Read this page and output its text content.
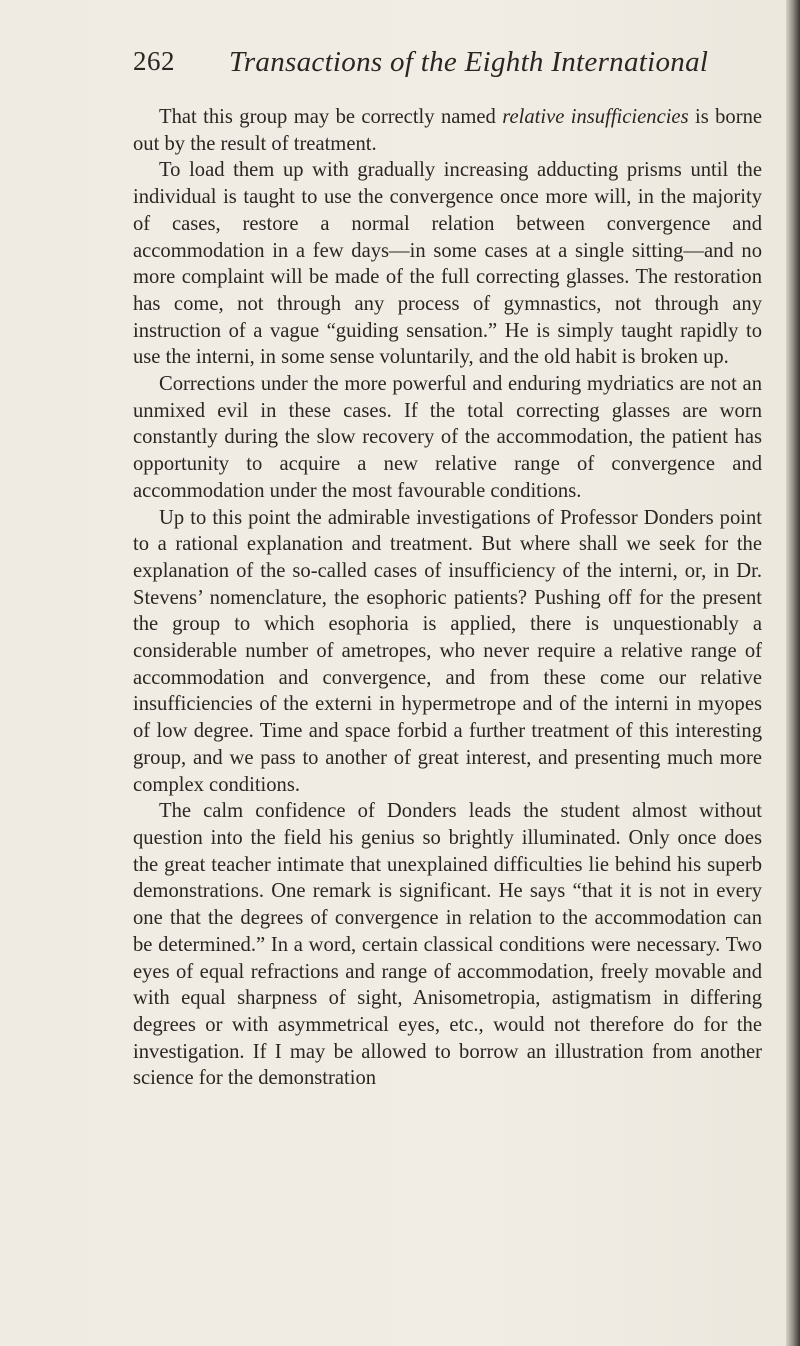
262 Transactions of the Eighth International

That this group may be correctly named relative insufficiencies is borne out by the result of treatment.

To load them up with gradually increasing adducting prisms until the individual is taught to use the convergence once more will, in the majority of cases, restore a normal relation between convergence and accommodation in a few days—in some cases at a single sitting—and no more complaint will be made of the full correcting glasses. The restoration has come, not through any process of gymnastics, not through any instruction of a vague “guiding sensation.” He is simply taught rapidly to use the interni, in some sense voluntarily, and the old habit is broken up.

Corrections under the more powerful and enduring mydriatics are not an unmixed evil in these cases. If the total correcting glasses are worn constantly during the slow recovery of the accommodation, the patient has opportunity to acquire a new relative range of convergence and accommodation under the most favourable conditions.

Up to this point the admirable investigations of Professor Donders point to a rational explanation and treatment. But where shall we seek for the explanation of the so-called cases of insufficiency of the interni, or, in Dr. Stevens’ nomenclature, the esophoric patients? Pushing off for the present the group to which esophoria is applied, there is unquestionably a considerable number of ametropes, who never require a relative range of accommodation and convergence, and from these come our relative insufficiencies of the externi in hypermetrope and of the interni in myopes of low degree. Time and space forbid a further treatment of this interesting group, and we pass to another of great interest, and presenting much more complex conditions.

The calm confidence of Donders leads the student almost without question into the field his genius so brightly illuminated. Only once does the great teacher intimate that unexplained difficulties lie behind his superb demonstrations. One remark is significant. He says “that it is not in every one that the degrees of convergence in relation to the accommodation can be determined.” In a word, certain classical conditions were necessary. Two eyes of equal refractions and range of accommodation, freely movable and with equal sharpness of sight, Anisometropia, astigmatism in differing degrees or with asymmetrical eyes, etc., would not therefore do for the investigation. If I may be allowed to borrow an illustration from another science for the demonstration
